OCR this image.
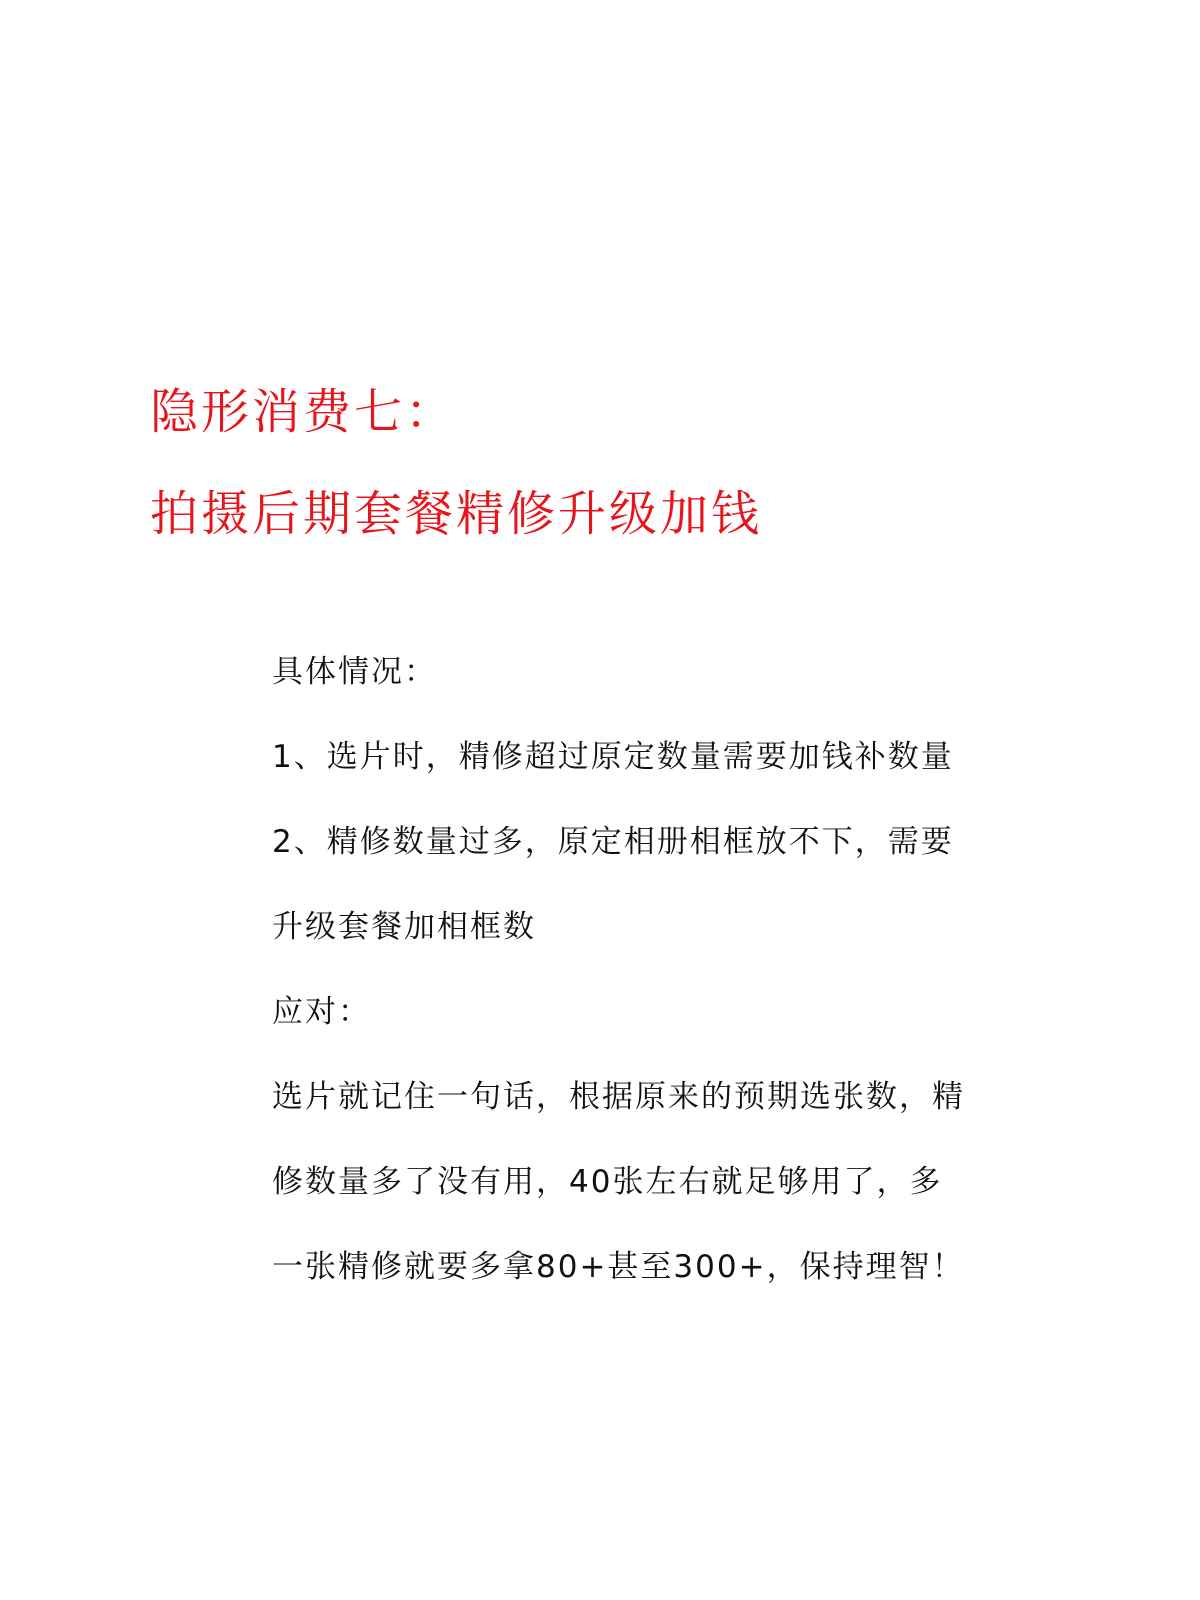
隐形消费七：
拍摄后期套餐精修升级加钱

具体情况：

1、选片时，精修超过原定数量需要加钱补数量

2、精修数量过多，原定相册相框放不下，需要

升级套餐加相框数

应对：

选片就记住一句话，根据原来的预期选张数，精

修数量多了没有用，40张左右就足够用了，多

一张精修就要多拿80+甚至300+，保持理智！
